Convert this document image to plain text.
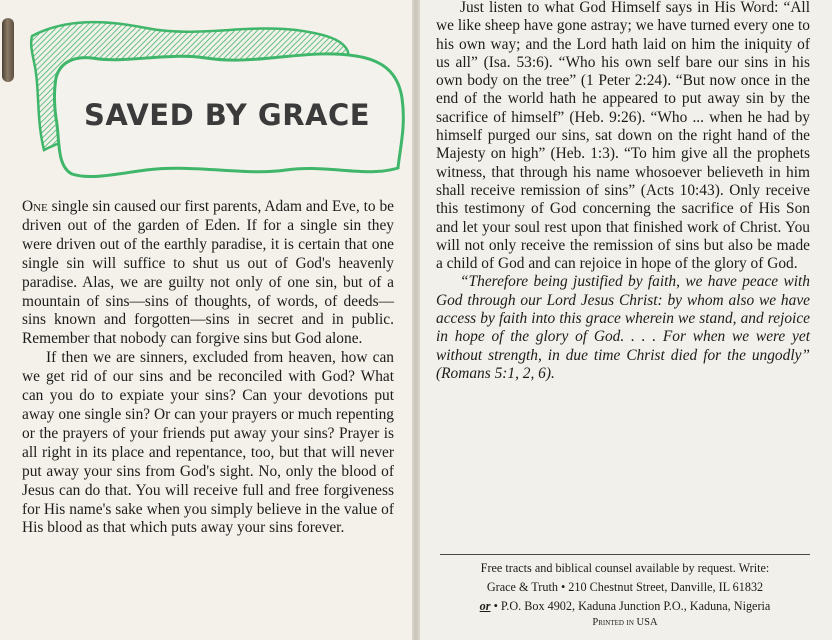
SAVED BY GRACE

One single sin caused our first parents, Adam and Eve, to be driven out of the garden of Eden. If for a single sin they were driven out of the earthly paradise, it is certain that one single sin will suffice to shut us out of God's heavenly paradise. Alas, we are guilty not only of one sin, but of a mountain of sins—sins of thoughts, of words, of deeds—sins known and forgotten—sins in secret and in public. Remember that nobody can forgive sins but God alone.

If then we are sinners, excluded from heaven, how can we get rid of our sins and be reconciled with God? What can you do to expiate your sins? Can your devotions put away one single sin? Or can your prayers or much repenting or the prayers of your friends put away your sins? Prayer is all right in its place and repentance, too, but that will never put away your sins from God's sight. No, only the blood of Jesus can do that. You will receive full and free forgiveness for His name's sake when you simply believe in the value of His blood as that which puts away your sins forever.

Just listen to what God Himself says in His Word: “All we like sheep have gone astray; we have turned every one to his own way; and the Lord hath laid on him the iniquity of us all” (Isa. 53:6). “Who his own self bare our sins in his own body on the tree” (1 Peter 2:24). “But now once in the end of the world hath he appeared to put away sin by the sacrifice of himself” (Heb. 9:26). “Who ... when he had by himself purged our sins, sat down on the right hand of the Majesty on high” (Heb. 1:3). “To him give all the prophets witness, that through his name whosoever believeth in him shall receive remission of sins” (Acts 10:43). Only receive this testimony of God concerning the sacrifice of His Son and let your soul rest upon that finished work of Christ. You will not only receive the remission of sins but also be made a child of God and can rejoice in hope of the glory of God.

“Therefore being justified by faith, we have peace with God through our Lord Jesus Christ: by whom also we have access by faith into this grace wherein we stand, and rejoice in hope of the glory of God. . . . For when we were yet without strength, in due time Christ died for the ungodly” (Romans 5:1, 2, 6).

Free tracts and biblical counsel available by request. Write:
Grace & Truth • 210 Chestnut Street, Danville, IL 61832
or • P.O. Box 4902, Kaduna Junction P.O., Kaduna, Nigeria
Printed in USA
